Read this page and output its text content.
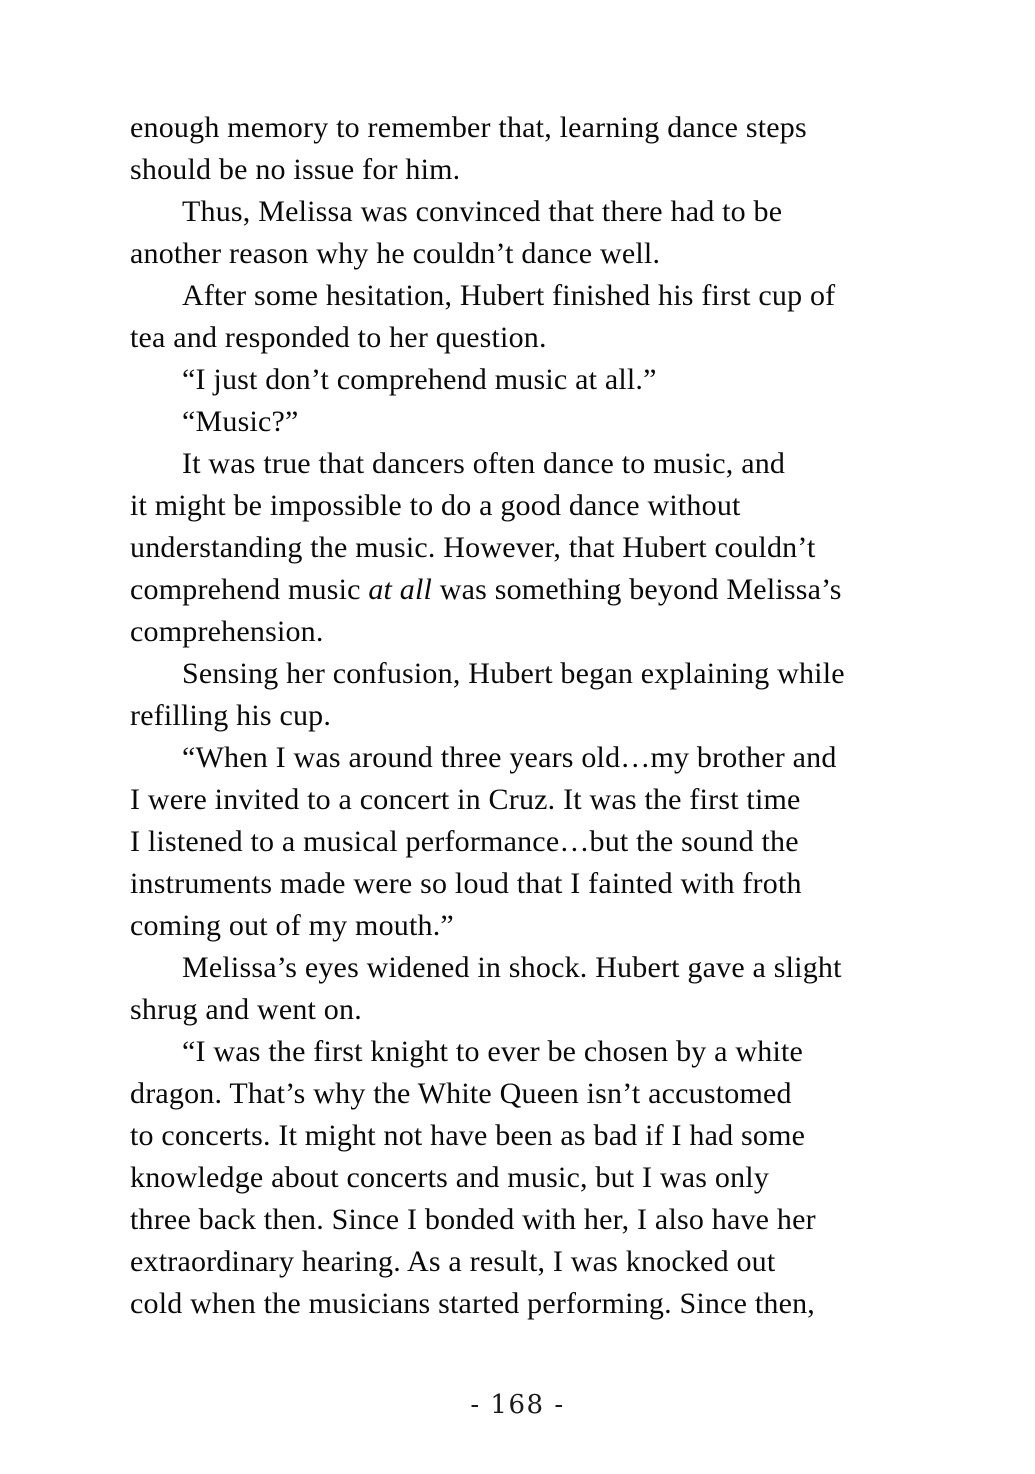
enough memory to remember that, learning dance steps
should be no issue for him.
Thus, Melissa was convinced that there had to be
another reason why he couldn’t dance well.
After some hesitation, Hubert finished his first cup of
tea and responded to her question.
“I just don’t comprehend music at all.”
“Music?”
It was true that dancers often dance to music, and
it might be impossible to do a good dance without
understanding the music. However, that Hubert couldn’t
comprehend music at all was something beyond Melissa’s
comprehension.
Sensing her confusion, Hubert began explaining while
refilling his cup.
“When I was around three years old…my brother and
I were invited to a concert in Cruz. It was the first time
I listened to a musical performance…but the sound the
instruments made were so loud that I fainted with froth
coming out of my mouth.”
Melissa’s eyes widened in shock. Hubert gave a slight
shrug and went on.
“I was the first knight to ever be chosen by a white
dragon. That’s why the White Queen isn’t accustomed
to concerts. It might not have been as bad if I had some
knowledge about concerts and music, but I was only
three back then. Since I bonded with her, I also have her
extraordinary hearing. As a result, I was knocked out
cold when the musicians started performing. Since then,
- 168 -
